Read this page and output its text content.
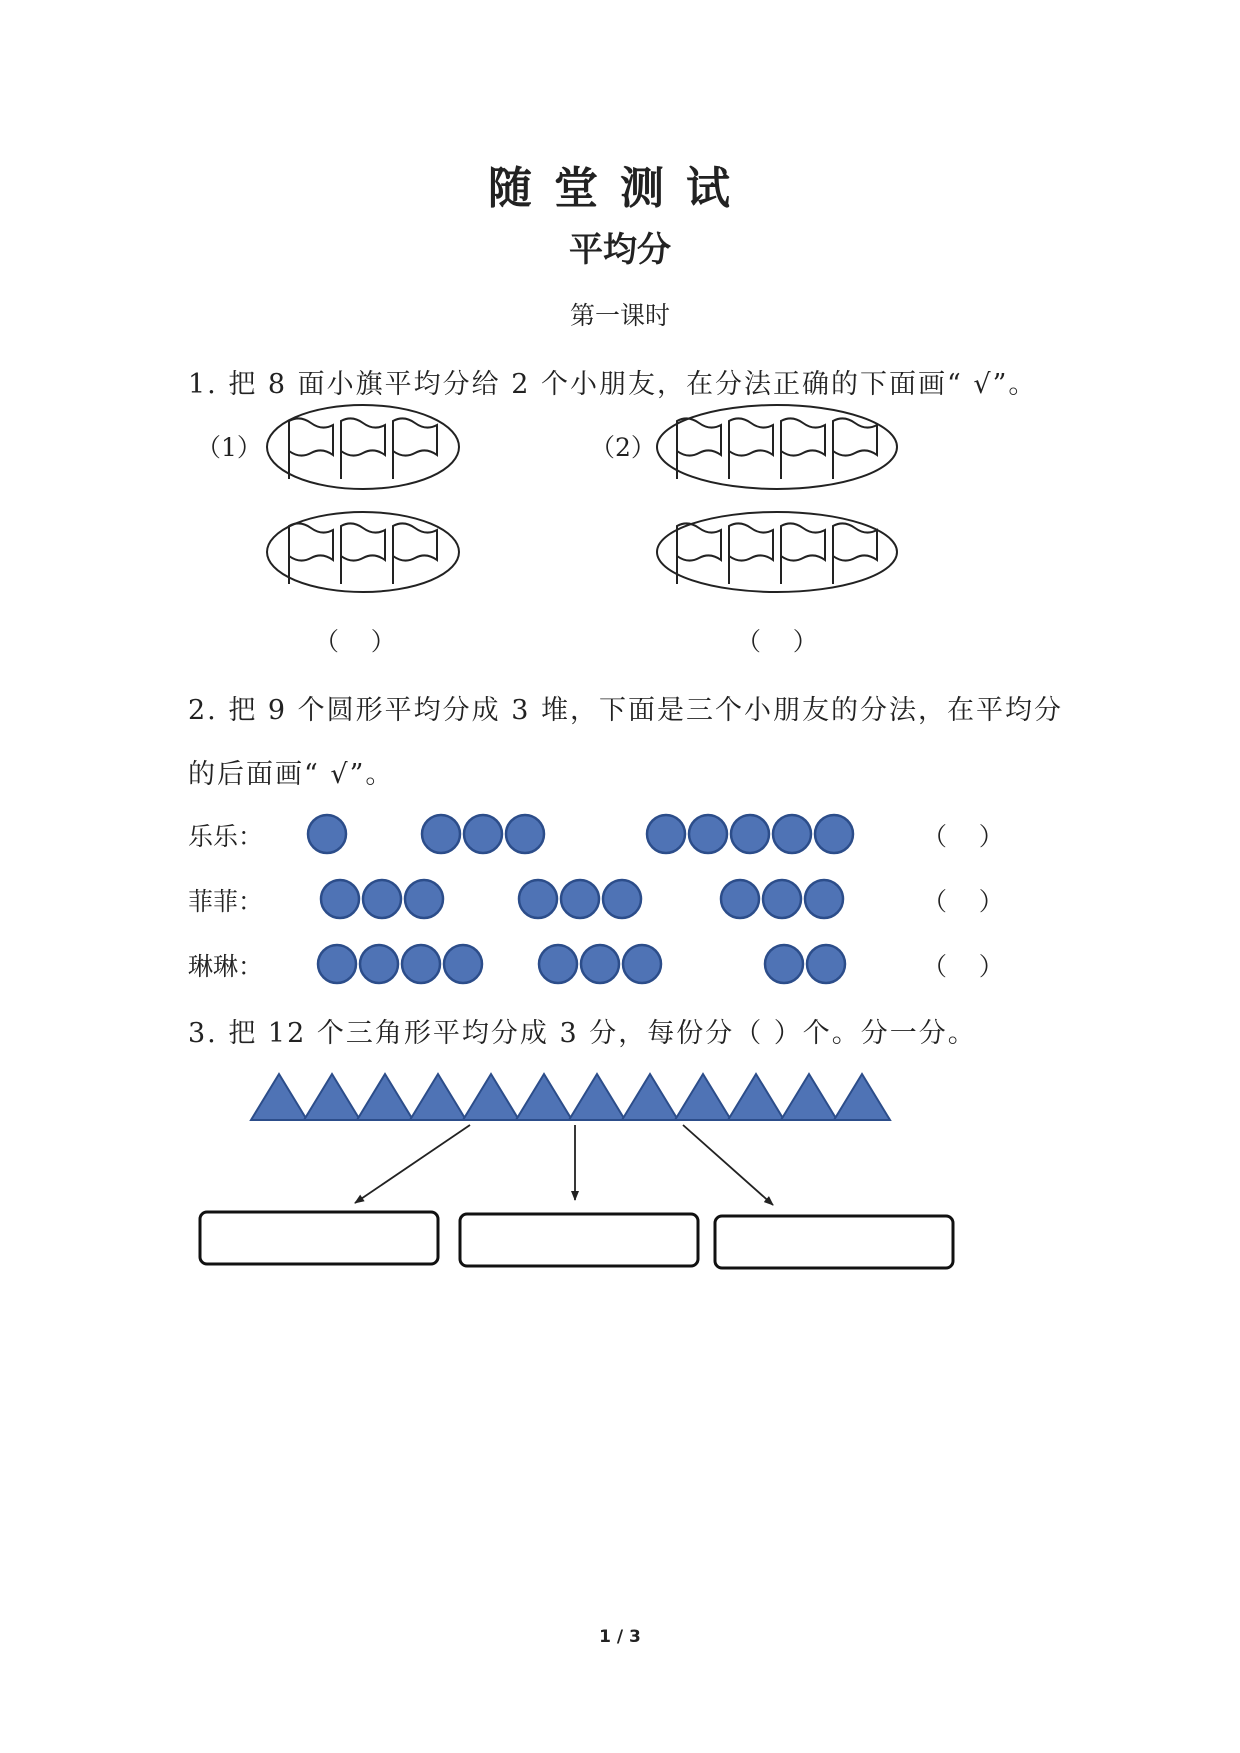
随堂测试
平均分
第一课时
1. 把 8 面小旗平均分给 2 个小朋友，在分法正确的下面画“ √”。
（1）	（2）
（    ）	（    ）
2. 把 9 个圆形平均分成 3 堆，下面是三个小朋友的分法，在平均分
的后面画“ √”。
乐乐：
菲菲：
琳琳：
（    ）
（    ）
（    ）
3. 把 12 个三角形平均分成 3 分，每份分（ ）个。分一分。
1 / 3
